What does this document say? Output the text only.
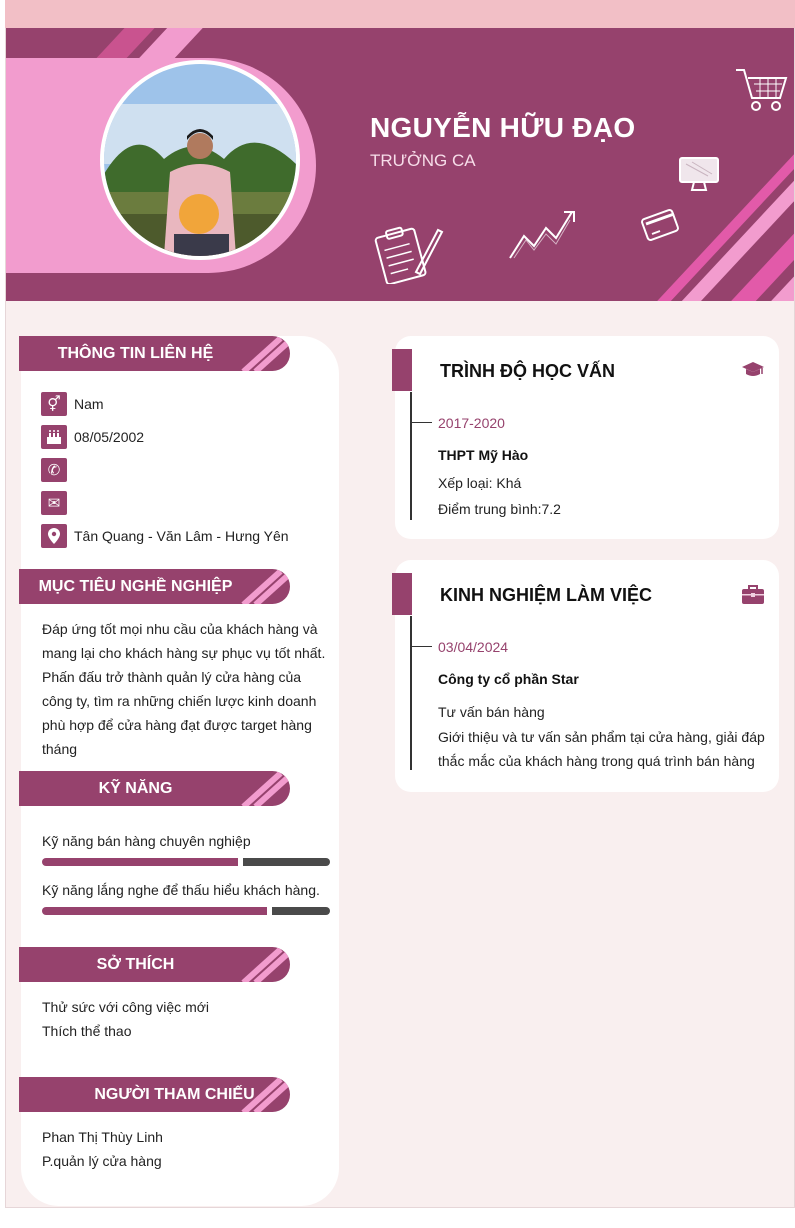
NGUYỄN HỮU ĐẠO
TRƯỞNG CA
THÔNG TIN LIÊN HỆ
⚥ Nam
08/05/2002
✆
✉
Tân Quang - Văn Lâm - Hưng Yên
MỤC TIÊU NGHỀ NGHIỆP
Đáp ứng tốt mọi nhu cầu của khách hàng và mang lại cho khách hàng sự phục vụ tốt nhất. Phấn đấu trở thành quản lý cửa hàng của công ty, tìm ra những chiến lược kinh doanh phù hợp để cửa hàng đạt được target hàng tháng
KỸ NĂNG
Kỹ năng bán hàng chuyên nghiệp
Kỹ năng lắng nghe để thấu hiểu khách hàng.
SỞ THÍCH
Thử sức với công việc mới
Thích thể thao
NGƯỜI THAM CHIẾU
Phan Thị Thùy Linh
P.quản lý cửa hàng
TRÌNH ĐỘ HỌC VẤN
2017-2020
THPT Mỹ Hào
Xếp loại: Khá
Điểm trung bình:7.2
KINH NGHIỆM LÀM VIỆC
03/04/2024
Công ty cổ phần Star
Tư vấn bán hàng
Giới thiệu và tư vấn sản phẩm tại cửa hàng, giải đáp thắc mắc của khách hàng trong quá trình bán hàng
